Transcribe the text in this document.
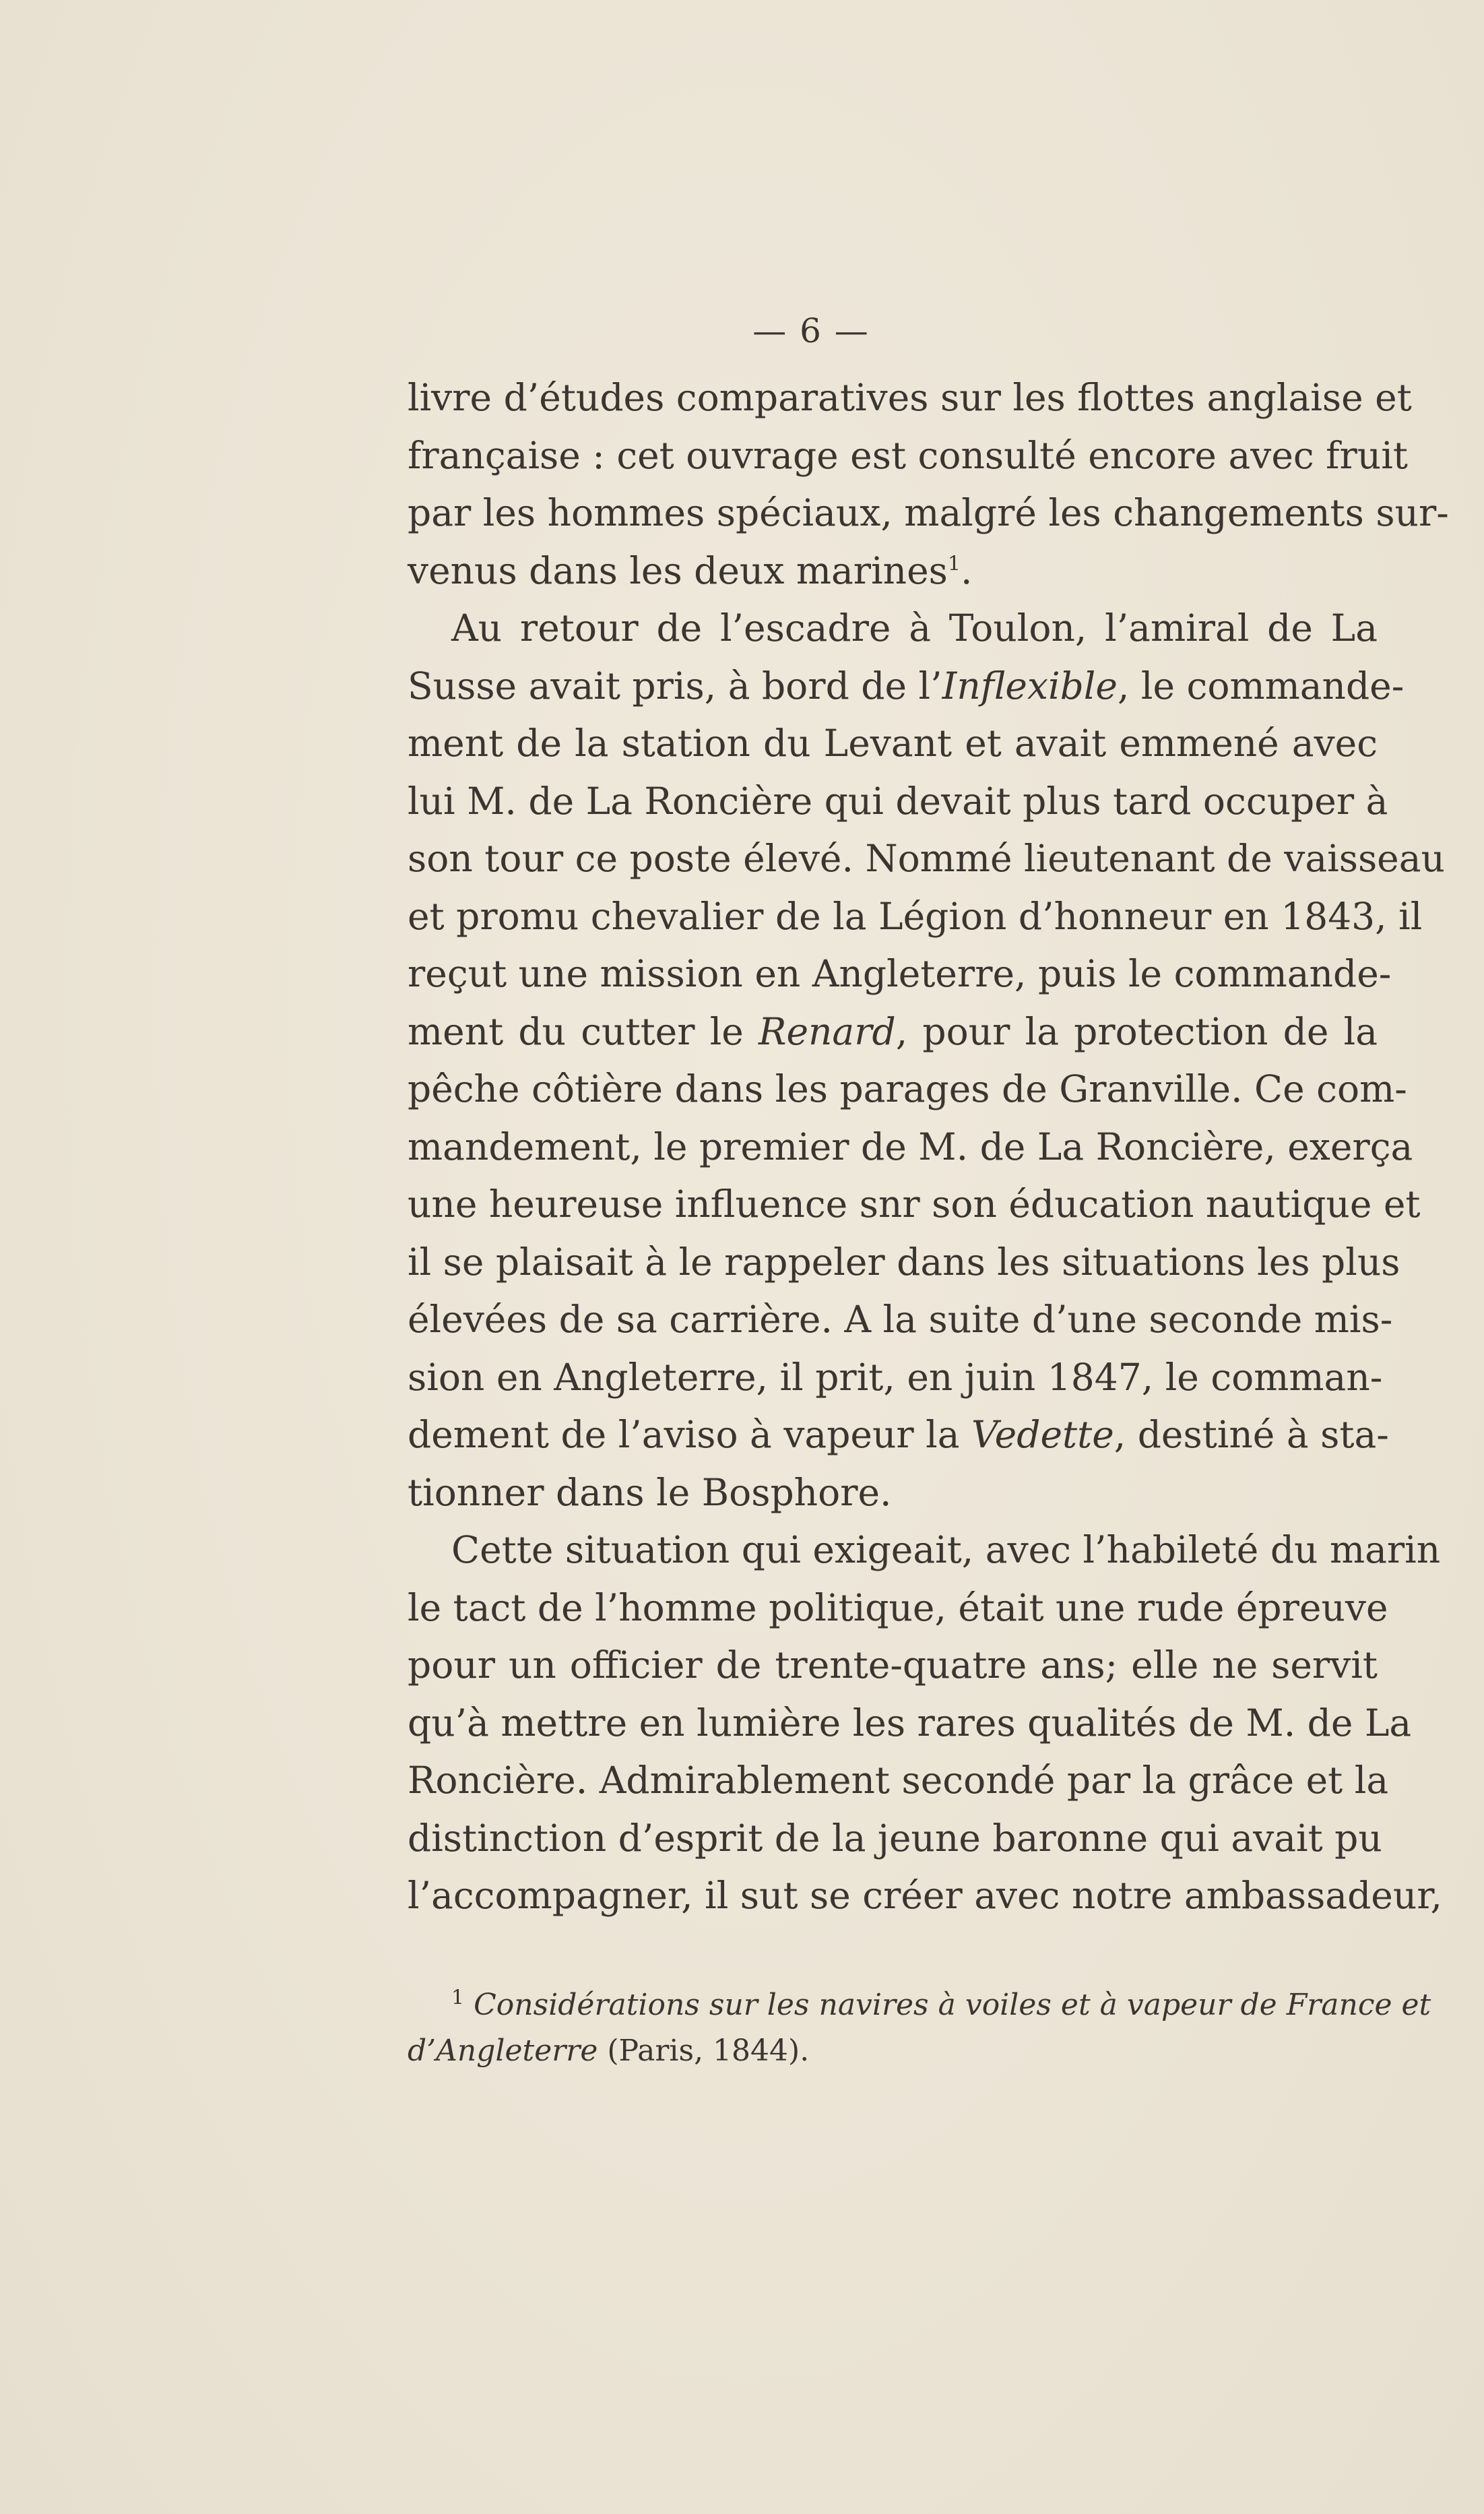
— 6 —

livre d’études comparatives sur les flottes anglaise et
française : cet ouvrage est consulté encore avec fruit
par les hommes spéciaux, malgré les changements sur-
venus dans les deux marines$^1$.

Au retour de l’escadre à Toulon, l’amiral de La
Susse avait pris, à bord de l’Inflexible, le commande-
ment de la station du Levant et avait emmené avec
lui M. de La Roncière qui devait plus tard occuper à
son tour ce poste élevé. Nommé lieutenant de vaisseau
et promu chevalier de la Légion d’honneur en 1843, il
reçut une mission en Angleterre, puis le commande-
ment du cutter le Renard, pour la protection de la
pêche côtière dans les parages de Granville. Ce com-
mandement, le premier de M. de La Roncière, exerça
une heureuse influence snr son éducation nautique et
il se plaisait à le rappeler dans les situations les plus
élevées de sa carrière. A la suite d’une seconde mis-
sion en Angleterre, il prit, en juin 1847, le comman-
dement de l’aviso à vapeur la Vedette, destiné à sta-
tionner dans le Bosphore.

Cette situation qui exigeait, avec l’habileté du marin
le tact de l’homme politique, était une rude épreuve
pour un officier de trente-quatre ans; elle ne servit
qu’à mettre en lumière les rares qualités de M. de La
Roncière. Admirablement secondé par la grâce et la
distinction d’esprit de la jeune baronne qui avait pu
l’accompagner, il sut se créer avec notre ambassadeur,

$^1$ Considérations sur les navires à voiles et à vapeur de France et
d’Angleterre (Paris, 1844).
